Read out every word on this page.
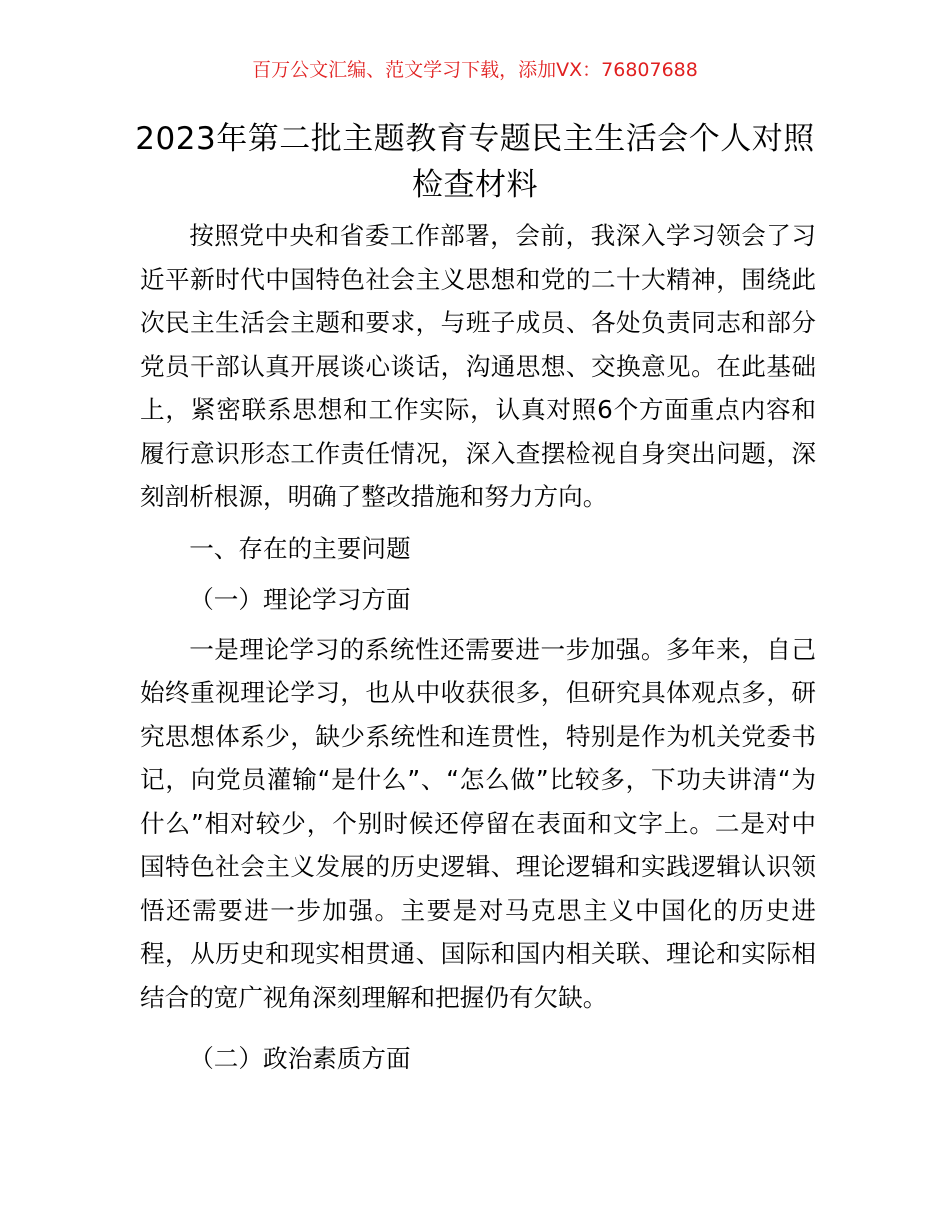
百万公文汇编、范文学习下载，添加VX：76807688
2023年第二批主题教育专题民主生活会个人对照检查材料

按照党中央和省委工作部署，会前，我深入学习领会了习近平新时代中国特色社会主义思想和党的二十大精神，围绕此次民主生活会主题和要求，与班子成员、各处负责同志和部分党员干部认真开展谈心谈话，沟通思想、交换意见。在此基础上，紧密联系思想和工作实际，认真对照6个方面重点内容和履行意识形态工作责任情况，深入查摆检视自身突出问题，深刻剖析根源，明确了整改措施和努力方向。

一、存在的主要问题

（一）理论学习方面

一是理论学习的系统性还需要进一步加强。多年来，自己始终重视理论学习，也从中收获很多，但研究具体观点多，研究思想体系少，缺少系统性和连贯性，特别是作为机关党委书记，向党员灌输“是什么”、“怎么做”比较多，下功夫讲清“为什么”相对较少，个别时候还停留在表面和文字上。二是对中国特色社会主义发展的历史逻辑、理论逻辑和实践逻辑认识领悟还需要进一步加强。主要是对马克思主义中国化的历史进程，从历史和现实相贯通、国际和国内相关联、理论和实际相结合的宽广视角深刻理解和把握仍有欠缺。

（二）政治素质方面
